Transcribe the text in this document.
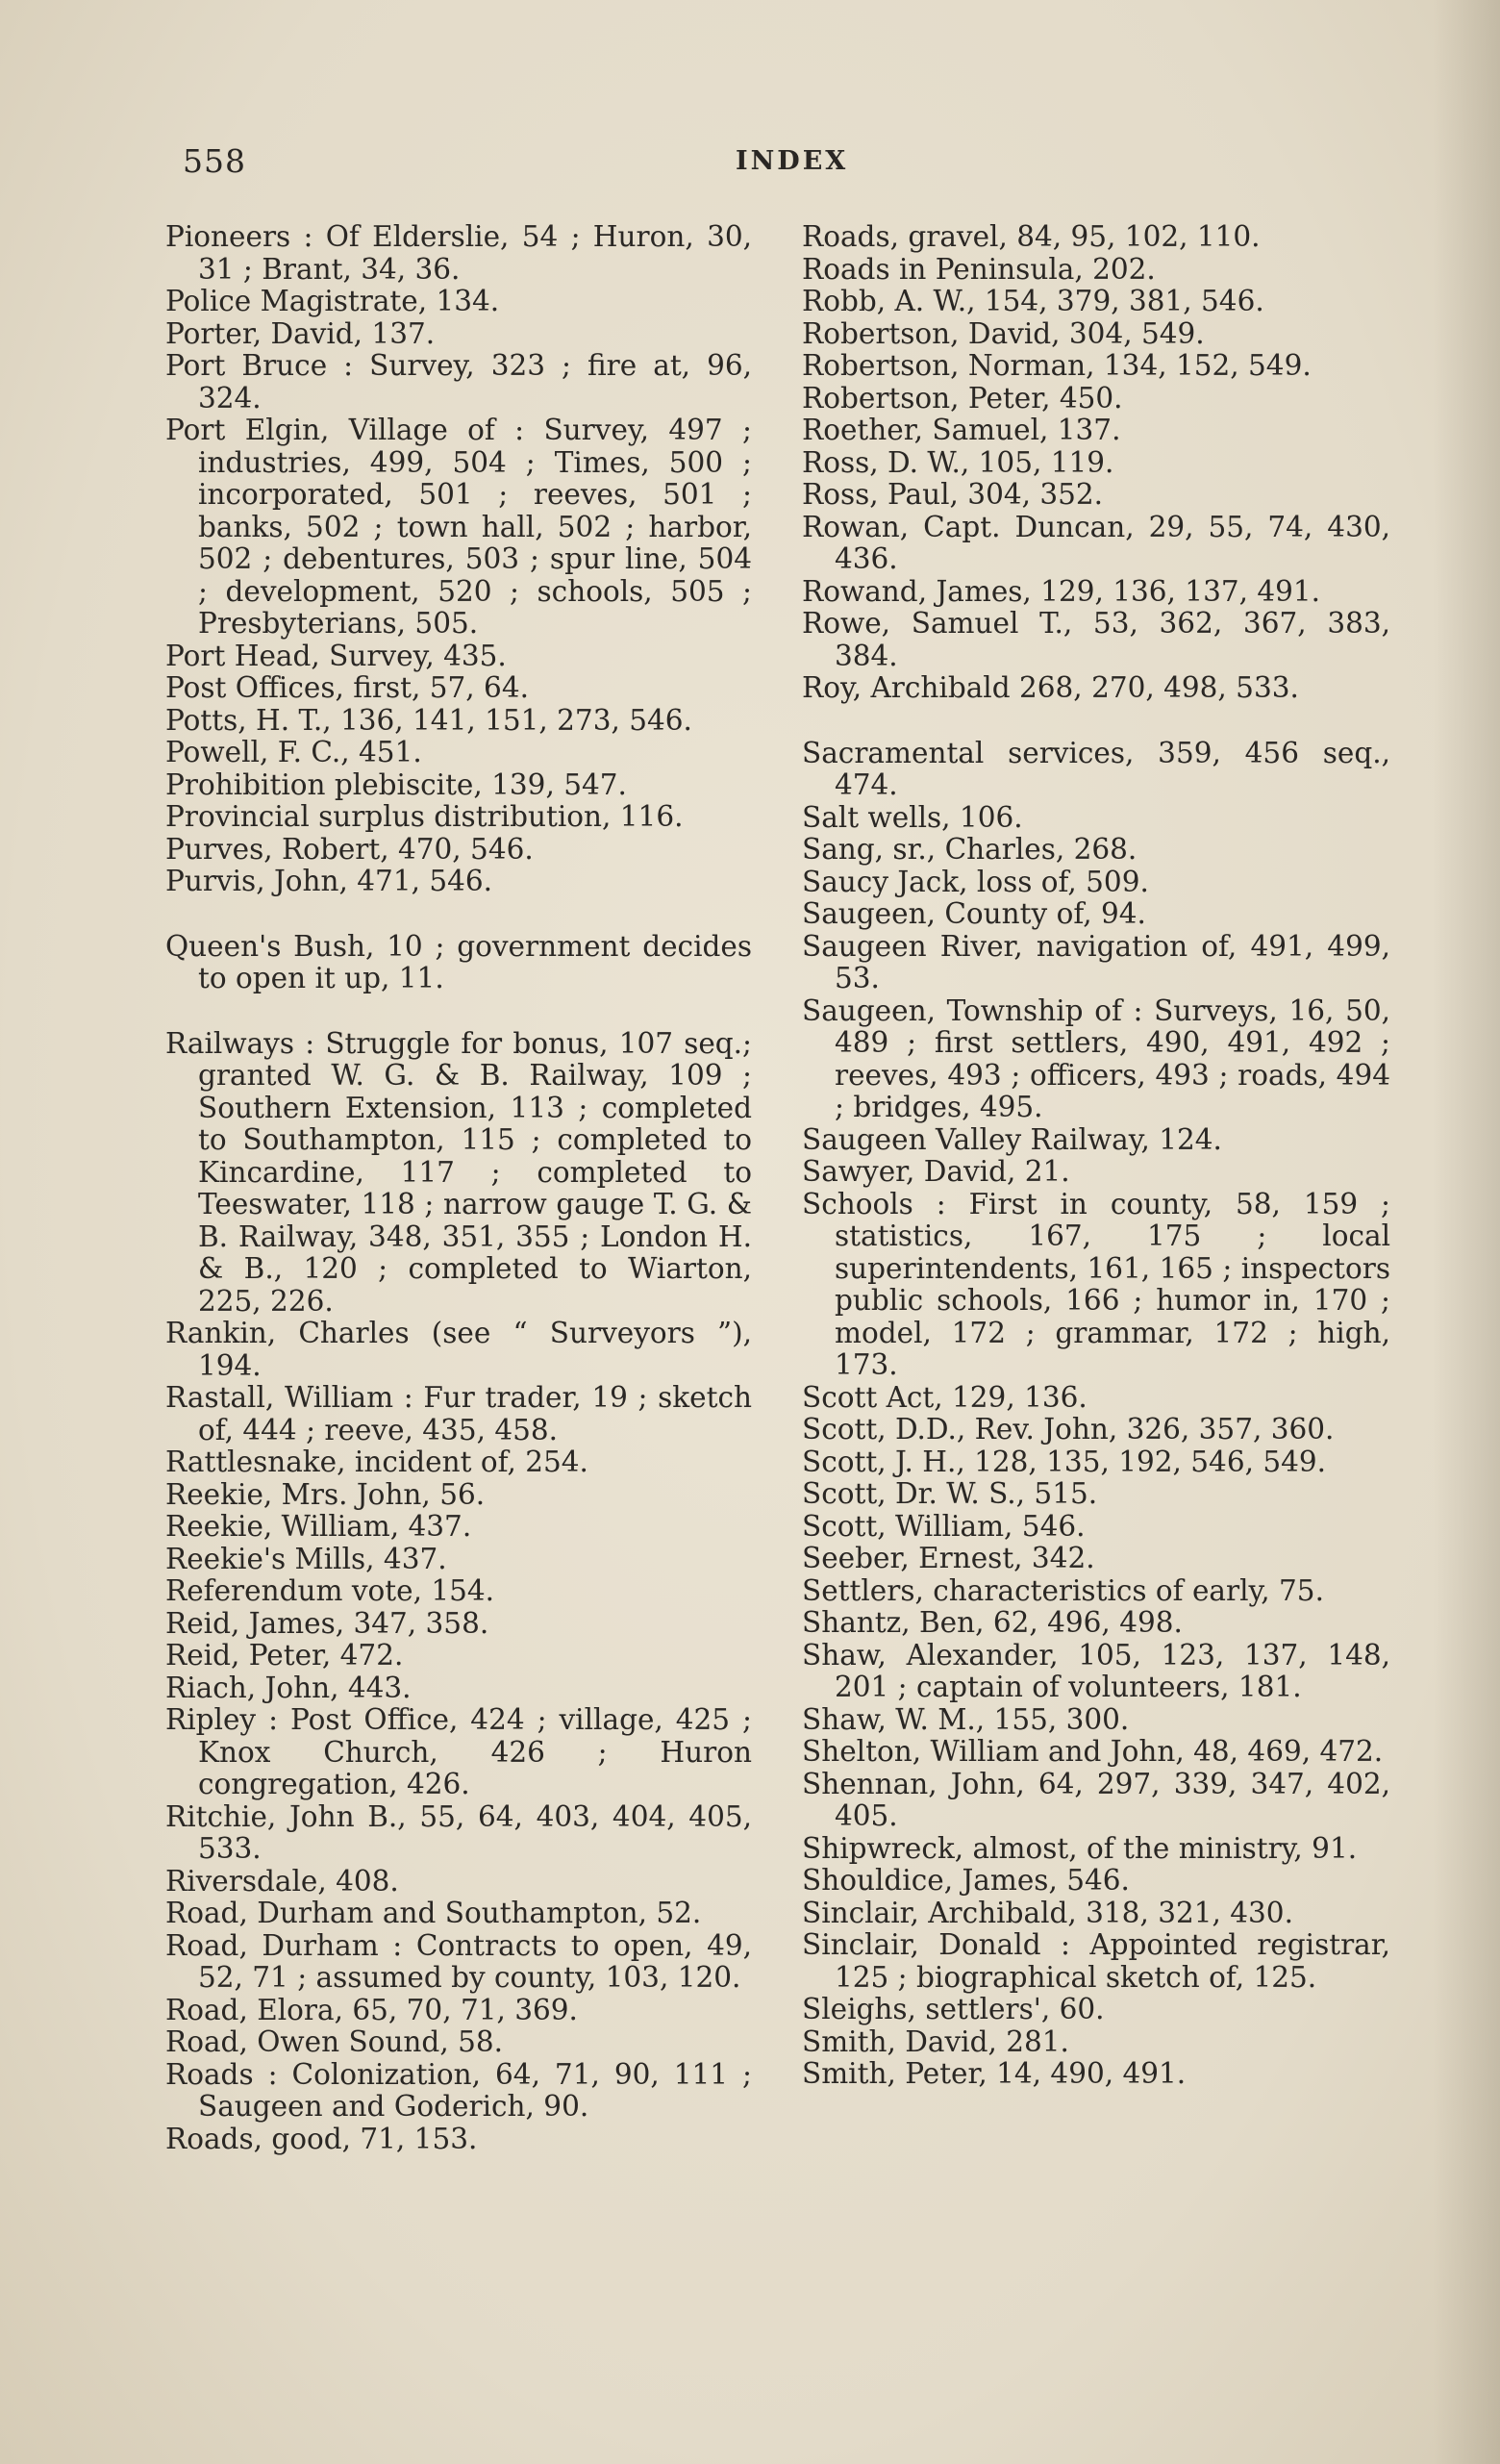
558	INDEX

Pioneers : Of Elderslie, 54 ; Huron, 30, 31 ; Brant, 34, 36.

Police Magistrate, 134.

Porter, David, 137.

Port Bruce : Survey, 323 ; fire at, 96, 324.

Port Elgin, Village of : Survey, 497 ; industries, 499, 504 ; Times, 500 ; incorporated, 501 ; reeves, 501 ; banks, 502 ; town hall, 502 ; harbor, 502 ; debentures, 503 ; spur line, 504 ; development, 520 ; schools, 505 ; Presbyterians, 505.

Port Head, Survey, 435.

Post Offices, first, 57, 64.

Potts, H. T., 136, 141, 151, 273, 546.

Powell, F. C., 451.

Prohibition plebiscite, 139, 547.

Provincial surplus distribution, 116.

Purves, Robert, 470, 546.

Purvis, John, 471, 546.

Queen's Bush, 10 ; government decides to open it up, 11.

Railways : Struggle for bonus, 107 seq.; granted W. G. & B. Railway, 109 ; Southern Extension, 113 ; completed to Southampton, 115 ; completed to Kincardine, 117 ; completed to Teeswater, 118 ; narrow gauge T. G. & B. Railway, 348, 351, 355 ; London H. & B., 120 ; completed to Wiarton, 225, 226.

Rankin, Charles (see “ Surveyors ”), 194.

Rastall, William : Fur trader, 19 ; sketch of, 444 ; reeve, 435, 458.

Rattlesnake, incident of, 254.

Reekie, Mrs. John, 56.

Reekie, William, 437.

Reekie's Mills, 437.

Referendum vote, 154.

Reid, James, 347, 358.

Reid, Peter, 472.

Riach, John, 443.

Ripley : Post Office, 424 ; village, 425 ; Knox Church, 426 ; Huron congregation, 426.

Ritchie, John B., 55, 64, 403, 404, 405, 533.

Riversdale, 408.

Road, Durham and Southampton, 52.

Road, Durham : Contracts to open, 49, 52, 71 ; assumed by county, 103, 120.

Road, Elora, 65, 70, 71, 369.

Road, Owen Sound, 58.

Roads : Colonization, 64, 71, 90, 111 ; Saugeen and Goderich, 90.

Roads, good, 71, 153.

Roads, gravel, 84, 95, 102, 110.

Roads in Peninsula, 202.

Robb, A. W., 154, 379, 381, 546.

Robertson, David, 304, 549.

Robertson, Norman, 134, 152, 549.

Robertson, Peter, 450.

Roether, Samuel, 137.

Ross, D. W., 105, 119.

Ross, Paul, 304, 352.

Rowan, Capt. Duncan, 29, 55, 74, 430, 436.

Rowand, James, 129, 136, 137, 491.

Rowe, Samuel T., 53, 362, 367, 383, 384.

Roy, Archibald 268, 270, 498, 533.

Sacramental services, 359, 456 seq., 474.

Salt wells, 106.

Sang, sr., Charles, 268.

Saucy Jack, loss of, 509.

Saugeen, County of, 94.

Saugeen River, navigation of, 491, 499, 53.

Saugeen, Township of : Surveys, 16, 50, 489 ; first settlers, 490, 491, 492 ; reeves, 493 ; officers, 493 ; roads, 494 ; bridges, 495.

Saugeen Valley Railway, 124.

Sawyer, David, 21.

Schools : First in county, 58, 159 ; statistics, 167, 175 ; local superintendents, 161, 165 ; inspectors public schools, 166 ; humor in, 170 ; model, 172 ; grammar, 172 ; high, 173.

Scott Act, 129, 136.

Scott, D.D., Rev. John, 326, 357, 360.

Scott, J. H., 128, 135, 192, 546, 549.

Scott, Dr. W. S., 515.

Scott, William, 546.

Seeber, Ernest, 342.

Settlers, characteristics of early, 75.

Shantz, Ben, 62, 496, 498.

Shaw, Alexander, 105, 123, 137, 148, 201 ; captain of volunteers, 181.

Shaw, W. M., 155, 300.

Shelton, William and John, 48, 469, 472.

Shennan, John, 64, 297, 339, 347, 402, 405.

Shipwreck, almost, of the ministry, 91.

Shouldice, James, 546.

Sinclair, Archibald, 318, 321, 430.

Sinclair, Donald : Appointed registrar, 125 ; biographical sketch of, 125.

Sleighs, settlers', 60.

Smith, David, 281.

Smith, Peter, 14, 490, 491.
